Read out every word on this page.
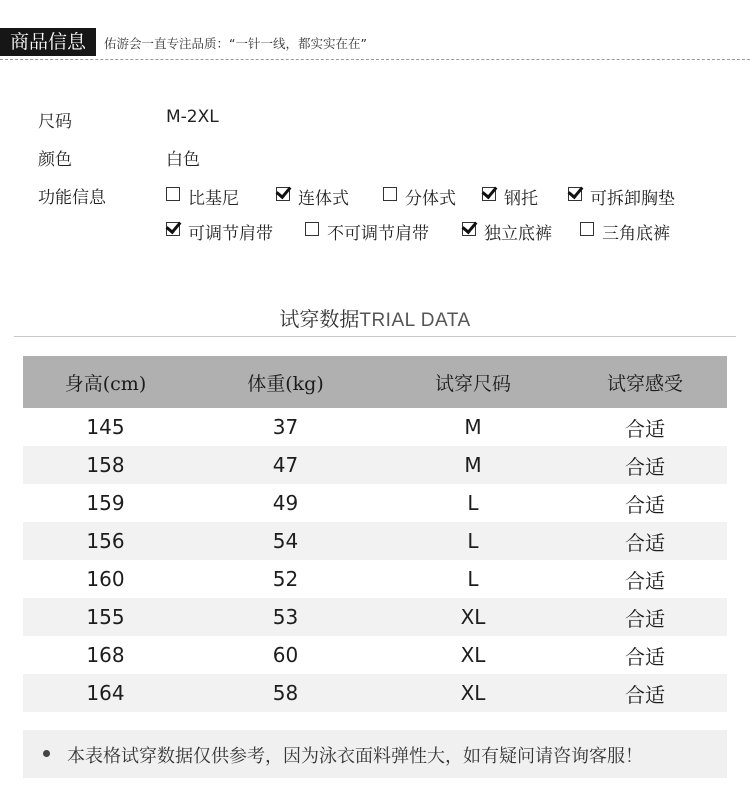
商品信息	佑游会一直专注品质：“一针一线，都实实在在”
尺码	M-2XL
颜色	白色
功能信息	比基尼	连体式	分体式	钢托	可拆卸胸垫
可调节肩带	不可调节肩带	独立底裤	三角底裤
试穿数据TRIAL DATA
身高(cm)	体重(kg)	试穿尺码	试穿感受
145	37	M	合适
158	47	M	合适
159	49	L	合适
156	54	L	合适
160	52	L	合适
155	53	XL	合适
168	60	XL	合适
164	58	XL	合适
本表格试穿数据仅供参考，因为泳衣面料弹性大，如有疑问请咨询客服！
